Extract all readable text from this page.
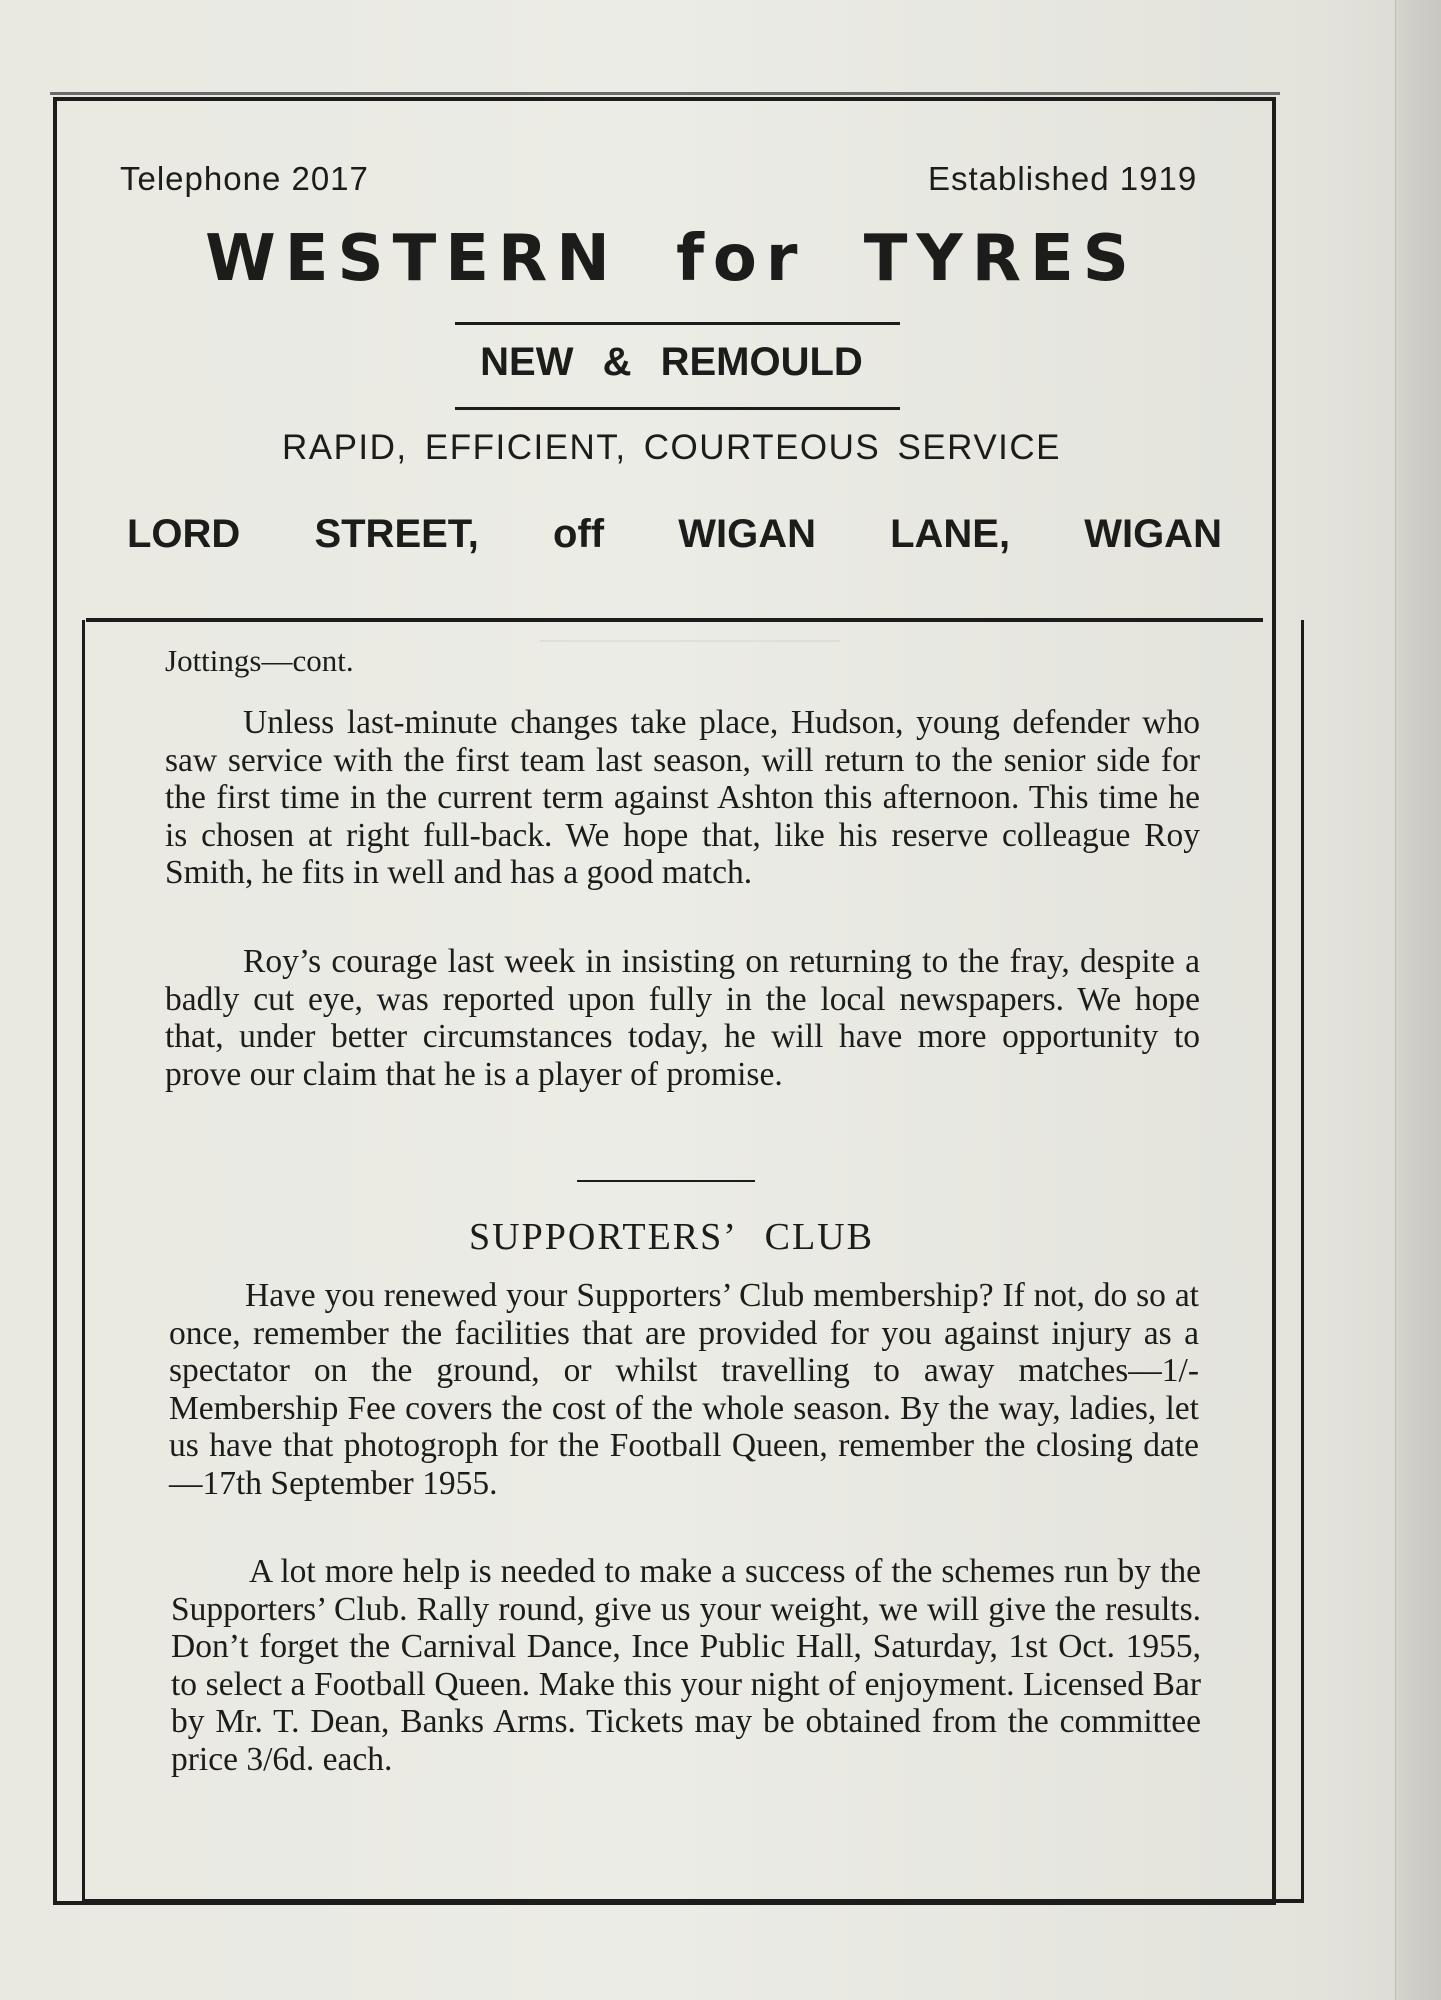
Telephone 2017	Established 1919
WESTERN for TYRES
NEW & REMOULD
RAPID, EFFICIENT, COURTEOUS SERVICE
LORD STREET, off WIGAN LANE, WIGAN
Jottings—cont.
Unless last-minute changes take place, Hudson, young defender who saw service with the first team last season, will return to the senior side for the first time in the current term against Ashton this afternoon. This time he is chosen at right full-back. We hope that, like his reserve colleague Roy Smith, he fits in well and has a good match.
Roy’s courage last week in insisting on returning to the fray, despite a badly cut eye, was reported upon fully in the local newspapers. We hope that, under better circumstances today, he will have more opportunity to prove our claim that he is a player of promise.
SUPPORTERS’ CLUB
Have you renewed your Supporters’ Club membership? If not, do so at once, remember the facilities that are provided for you against injury as a spectator on the ground, or whilst travelling to away matches—1/- Membership Fee covers the cost of the whole season. By the way, ladies, let us have that photogroph for the Football Queen, remember the closing date—17th September 1955.
A lot more help is needed to make a success of the schemes run by the Supporters’ Club. Rally round, give us your weight, we will give the results. Don’t forget the Carnival Dance, Ince Public Hall, Saturday, 1st Oct. 1955, to select a Football Queen. Make this your night of enjoyment. Licensed Bar by Mr. T. Dean, Banks Arms. Tickets may be obtained from the committee price 3/6d. each.
